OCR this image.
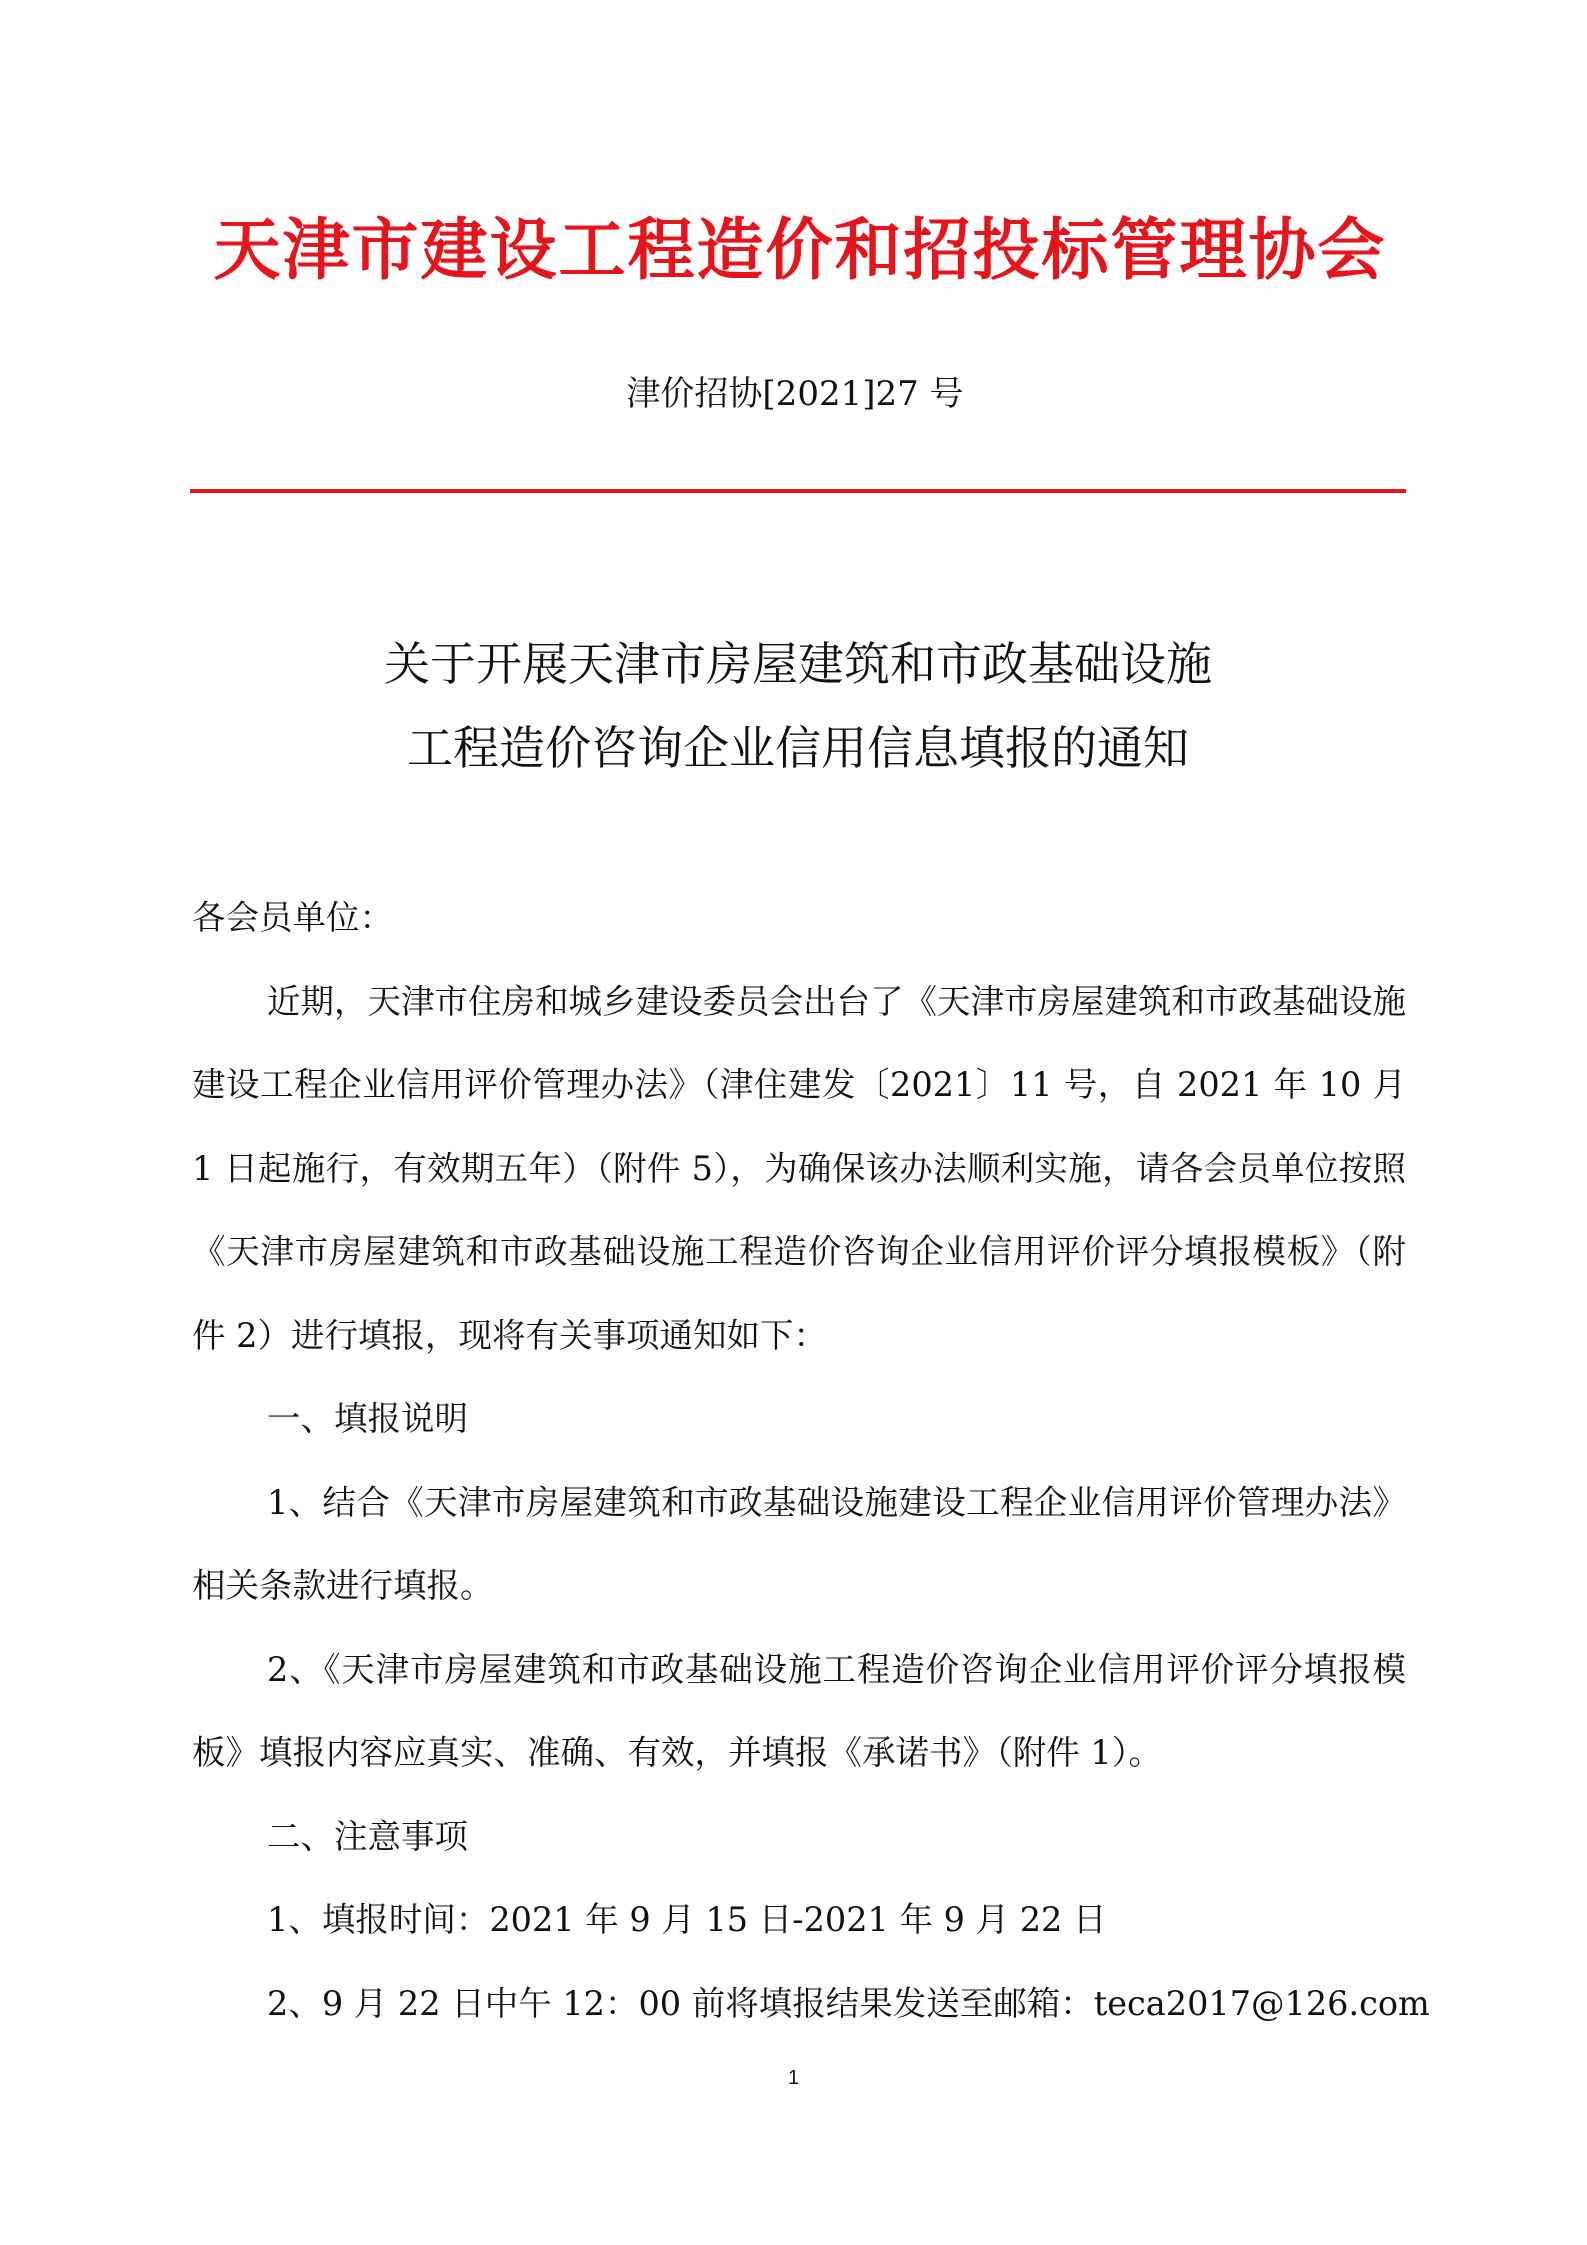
天津市建设工程造价和招投标管理协会
津价招协[2021]27 号
关于开展天津市房屋建筑和市政基础设施
工程造价咨询企业信用信息填报的通知

各会员单位：

近期，天津市住房和城乡建设委员会出台了《天津市房屋建筑和市政基础设施建设工程企业信用评价管理办法》（津住建发〔2021〕11 号，自 2021 年 10 月 1 日起施行，有效期五年）（附件 5），为确保该办法顺利实施，请各会员单位按照《天津市房屋建筑和市政基础设施工程造价咨询企业信用评价评分填报模板》（附件 2）进行填报，现将有关事项通知如下：

一、填报说明

1、结合《天津市房屋建筑和市政基础设施建设工程企业信用评价管理办法》相关条款进行填报。

2、《天津市房屋建筑和市政基础设施工程造价咨询企业信用评价评分填报模板》填报内容应真实、准确、有效，并填报《承诺书》（附件 1）。

二、注意事项

1、填报时间：2021 年 9 月 15 日-2021 年 9 月 22 日

2、9 月 22 日中午 12：00 前将填报结果发送至邮箱：teca2017@126.com

1
